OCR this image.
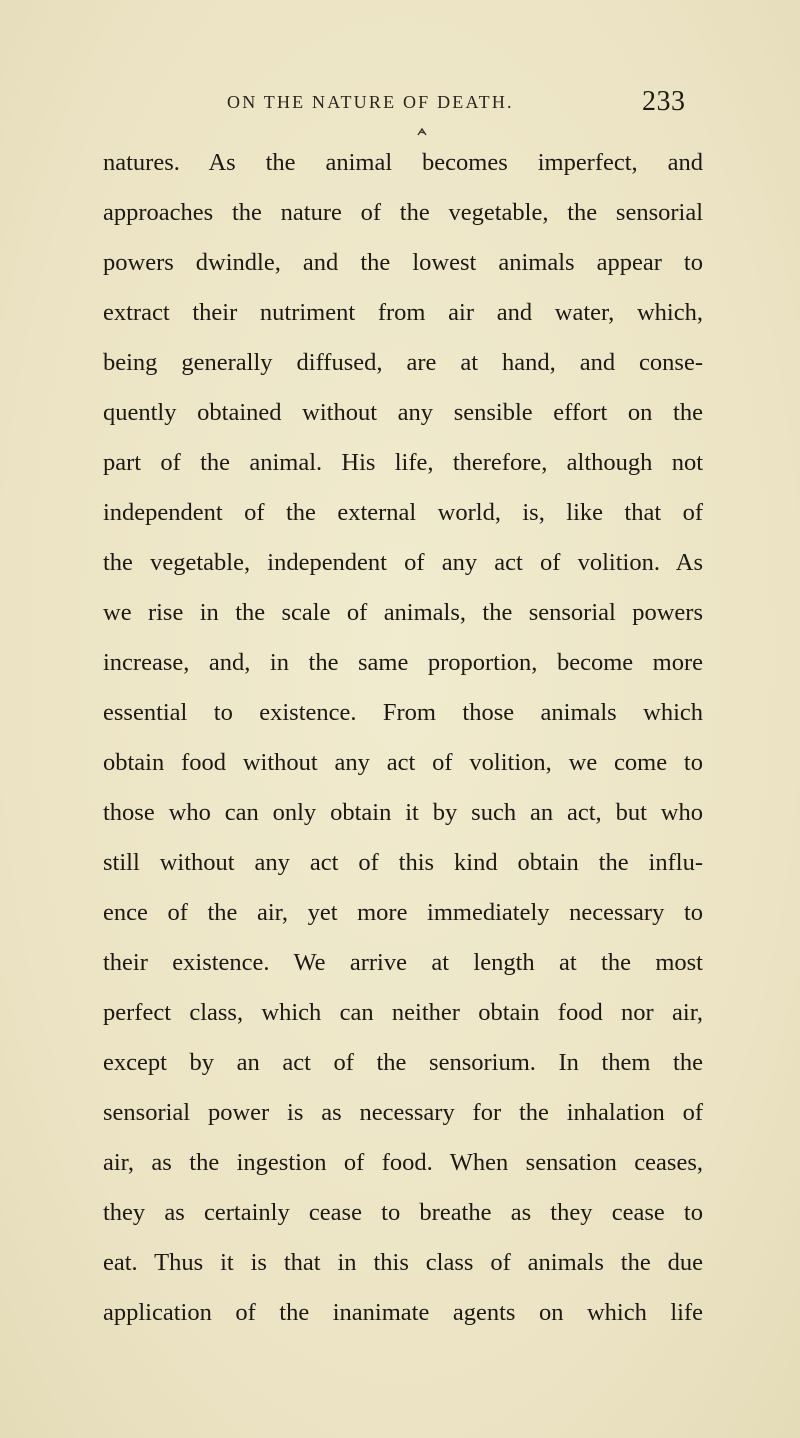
ON THE NATURE OF DEATH.	233
natures. As the animal becomes imperfect, and
approaches the nature of the vegetable, the sensorial
powers dwindle, and the lowest animals appear to
extract their nutriment from air and water, which,
being generally diffused, are at hand, and conse-
quently obtained without any sensible effort on the
part of the animal. His life, therefore, although not
independent of the external world, is, like that of
the vegetable, independent of any act of volition. As
we rise in the scale of animals, the sensorial powers
increase, and, in the same proportion, become more
essential to existence. From those animals which
obtain food without any act of volition, we come to
those who can only obtain it by such an act, but who
still without any act of this kind obtain the influ-
ence of the air, yet more immediately necessary to
their existence. We arrive at length at the most
perfect class, which can neither obtain food nor air,
except by an act of the sensorium. In them the
sensorial power is as necessary for the inhalation of
air, as the ingestion of food. When sensation ceases,
they as certainly cease to breathe as they cease to
eat. Thus it is that in this class of animals the due
application of the inanimate agents on which life
